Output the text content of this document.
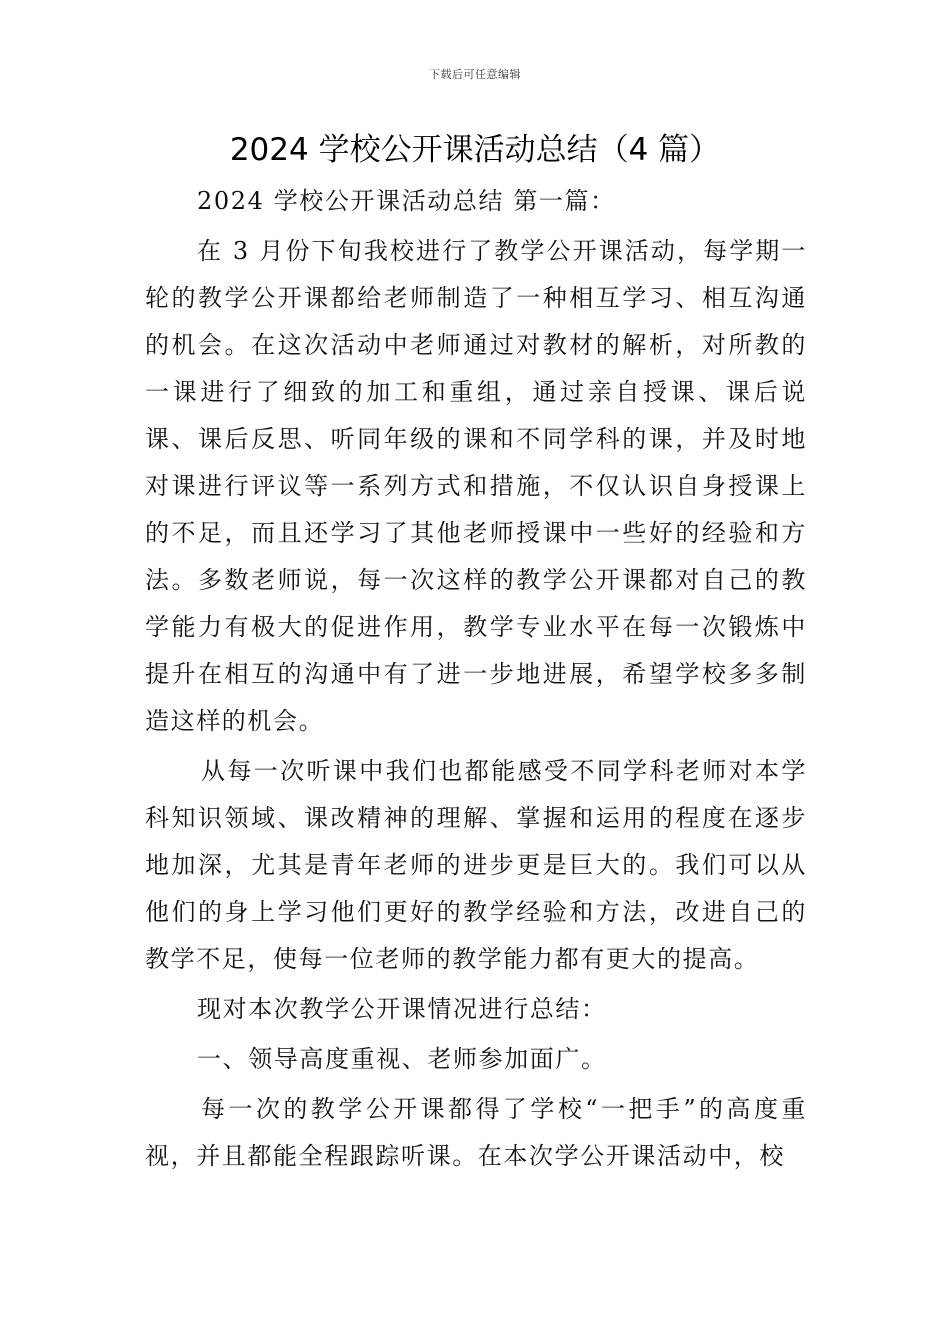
下载后可任意编辑
2024 学校公开课活动总结（4 篇）

2024 学校公开课活动总结 第一篇：

在 3 月份下旬我校进行了教学公开课活动，每学期一轮的教学公开课都给老师制造了一种相互学习、相互沟通的机会。在这次活动中老师通过对教材的解析，对所教的一课进行了细致的加工和重组，通过亲自授课、课后说课、课后反思、听同年级的课和不同学科的课，并及时地对课进行评议等一系列方式和措施，不仅认识自身授课上的不足，而且还学习了其他老师授课中一些好的经验和方法。多数老师说，每一次这样的教学公开课都对自己的教学能力有极大的促进作用，教学专业水平在每一次锻炼中提升在相互的沟通中有了进一步地进展，希望学校多多制造这样的机会。

从每一次听课中我们也都能感受不同学科老师对本学科知识领域、课改精神的理解、掌握和运用的程度在逐步地加深，尤其是青年老师的进步更是巨大的。我们可以从他们的身上学习他们更好的教学经验和方法，改进自己的教学不足，使每一位老师的教学能力都有更大的提高。

现对本次教学公开课情况进行总结：

一、领导高度重视、老师参加面广。

每一次的教学公开课都得了学校“一把手”的高度重视，并且都能全程跟踪听课。在本次学公开课活动中，校
